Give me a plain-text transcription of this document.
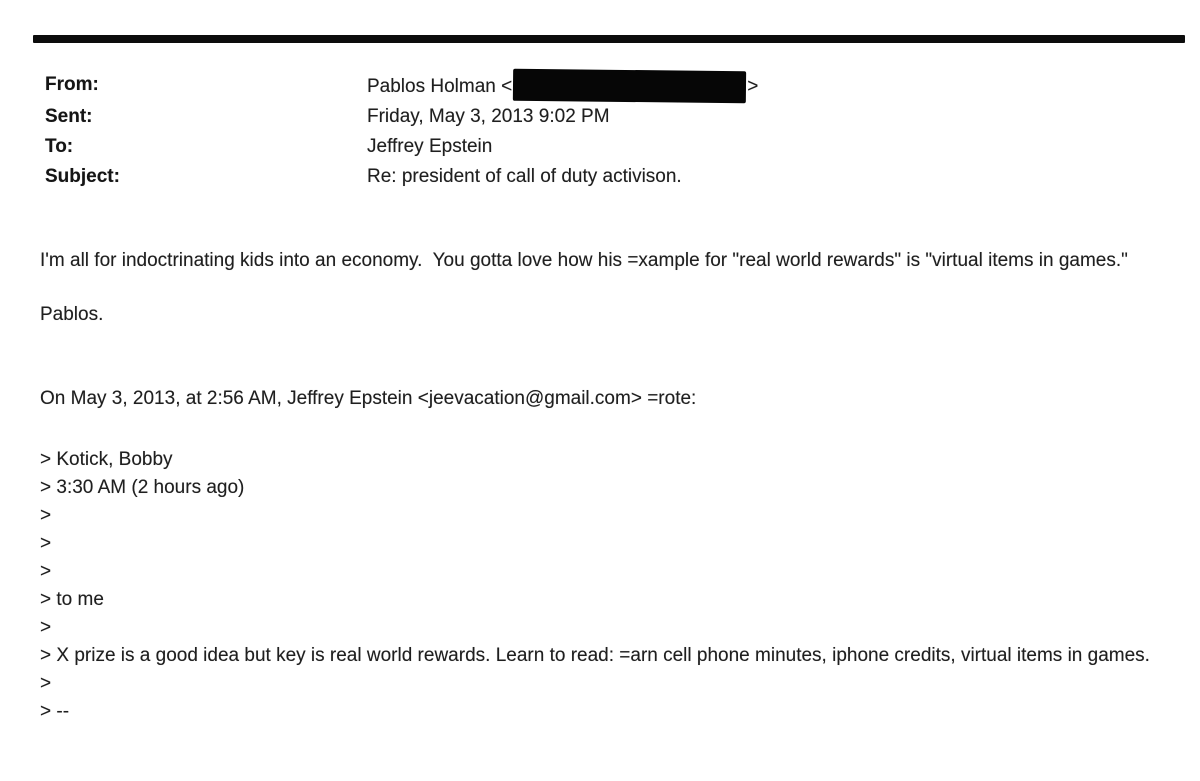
From:	Pablos Holman <	>
Sent:	Friday, May 3, 2013 9:02 PM
To:	Jeffrey Epstein
Subject:	Re: president of call of duty activison.
I'm all for indoctrinating kids into an economy.  You gotta love how his =xample for "real world rewards" is "virtual items in games."
Pablos.
On May 3, 2013, at 2:56 AM, Jeffrey Epstein <jeevacation@gmail.com> =rote:
> Kotick, Bobby
> 3:30 AM (2 hours ago)
>
>
>
> to me
>
> X prize is a good idea but key is real world rewards. Learn to read: =arn cell phone minutes, iphone credits, virtual items in games.
>
> --
